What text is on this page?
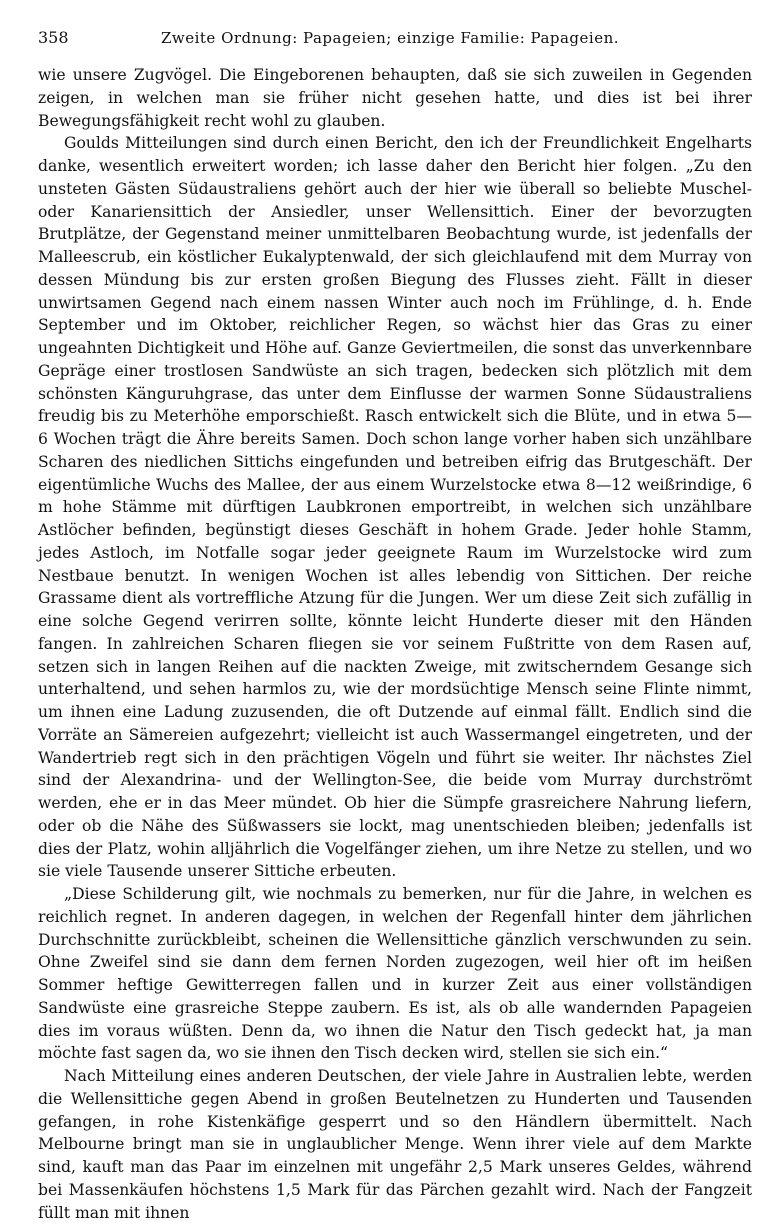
358	Zweite Ordnung: Papageien; einzige Familie: Papageien.

wie unsere Zugvögel. Die Eingeborenen behaupten, daß sie sich zuweilen in Gegenden zeigen, in welchen man sie früher nicht gesehen hatte, und dies ist bei ihrer Bewegungsfähigkeit recht wohl zu glauben.

Goulds Mitteilungen sind durch einen Bericht, den ich der Freundlichkeit Engelharts danke, wesentlich erweitert worden; ich lasse daher den Bericht hier folgen. „Zu den unsteten Gästen Südaustraliens gehört auch der hier wie überall so beliebte Muschel- oder Kanariensittich der Ansiedler, unser Wellensittich. Einer der bevorzugten Brutplätze, der Gegenstand meiner unmittelbaren Beobachtung wurde, ist jedenfalls der Malleescrub, ein köstlicher Eukalyptenwald, der sich gleichlaufend mit dem Murray von dessen Mündung bis zur ersten großen Biegung des Flusses zieht. Fällt in dieser unwirtsamen Gegend nach einem nassen Winter auch noch im Frühlinge, d. h. Ende September und im Oktober, reichlicher Regen, so wächst hier das Gras zu einer ungeahnten Dichtigkeit und Höhe auf. Ganze Geviertmeilen, die sonst das unverkennbare Gepräge einer trostlosen Sandwüste an sich tragen, bedecken sich plötzlich mit dem schönsten Känguruhgrase, das unter dem Einflusse der warmen Sonne Südaustraliens freudig bis zu Meterhöhe emporschießt. Rasch entwickelt sich die Blüte, und in etwa 5—6 Wochen trägt die Ähre bereits Samen. Doch schon lange vorher haben sich unzählbare Scharen des niedlichen Sittichs eingefunden und betreiben eifrig das Brutgeschäft. Der eigentümliche Wuchs des Mallee, der aus einem Wurzelstocke etwa 8—12 weißrindige, 6 m hohe Stämme mit dürftigen Laubkronen emportreibt, in welchen sich unzählbare Astlöcher befinden, begünstigt dieses Geschäft in hohem Grade. Jeder hohle Stamm, jedes Astloch, im Notfalle sogar jeder geeignete Raum im Wurzelstocke wird zum Nestbaue benutzt. In wenigen Wochen ist alles lebendig von Sittichen. Der reiche Grassame dient als vortreffliche Atzung für die Jungen. Wer um diese Zeit sich zufällig in eine solche Gegend verirren sollte, könnte leicht Hunderte dieser mit den Händen fangen. In zahlreichen Scharen fliegen sie vor seinem Fußtritte von dem Rasen auf, setzen sich in langen Reihen auf die nackten Zweige, mit zwitscherndem Gesange sich unterhaltend, und sehen harmlos zu, wie der mordsüchtige Mensch seine Flinte nimmt, um ihnen eine Ladung zuzusenden, die oft Dutzende auf einmal fällt. Endlich sind die Vorräte an Sämereien aufgezehrt; vielleicht ist auch Wassermangel eingetreten, und der Wandertrieb regt sich in den prächtigen Vögeln und führt sie weiter. Ihr nächstes Ziel sind der Alexandrina- und der Wellington-See, die beide vom Murray durchströmt werden, ehe er in das Meer mündet. Ob hier die Sümpfe grasreichere Nahrung liefern, oder ob die Nähe des Süßwassers sie lockt, mag unentschieden bleiben; jedenfalls ist dies der Platz, wohin alljährlich die Vogelfänger ziehen, um ihre Netze zu stellen, und wo sie viele Tausende unserer Sittiche erbeuten.

„Diese Schilderung gilt, wie nochmals zu bemerken, nur für die Jahre, in welchen es reichlich regnet. In anderen dagegen, in welchen der Regenfall hinter dem jährlichen Durchschnitte zurückbleibt, scheinen die Wellensittiche gänzlich verschwunden zu sein. Ohne Zweifel sind sie dann dem fernen Norden zugezogen, weil hier oft im heißen Sommer heftige Gewitterregen fallen und in kurzer Zeit aus einer vollständigen Sandwüste eine grasreiche Steppe zaubern. Es ist, als ob alle wandernden Papageien dies im voraus wüßten. Denn da, wo ihnen die Natur den Tisch gedeckt hat, ja man möchte fast sagen da, wo sie ihnen den Tisch decken wird, stellen sie sich ein.“

Nach Mitteilung eines anderen Deutschen, der viele Jahre in Australien lebte, werden die Wellensittiche gegen Abend in großen Beutelnetzen zu Hunderten und Tausenden gefangen, in rohe Kistenkäfige gesperrt und so den Händlern übermittelt. Nach Melbourne bringt man sie in unglaublicher Menge. Wenn ihrer viele auf dem Markte sind, kauft man das Paar im einzelnen mit ungefähr 2,5 Mark unseres Geldes, während bei Massenkäufen höchstens 1,5 Mark für das Pärchen gezahlt wird. Nach der Fangzeit füllt man mit ihnen
